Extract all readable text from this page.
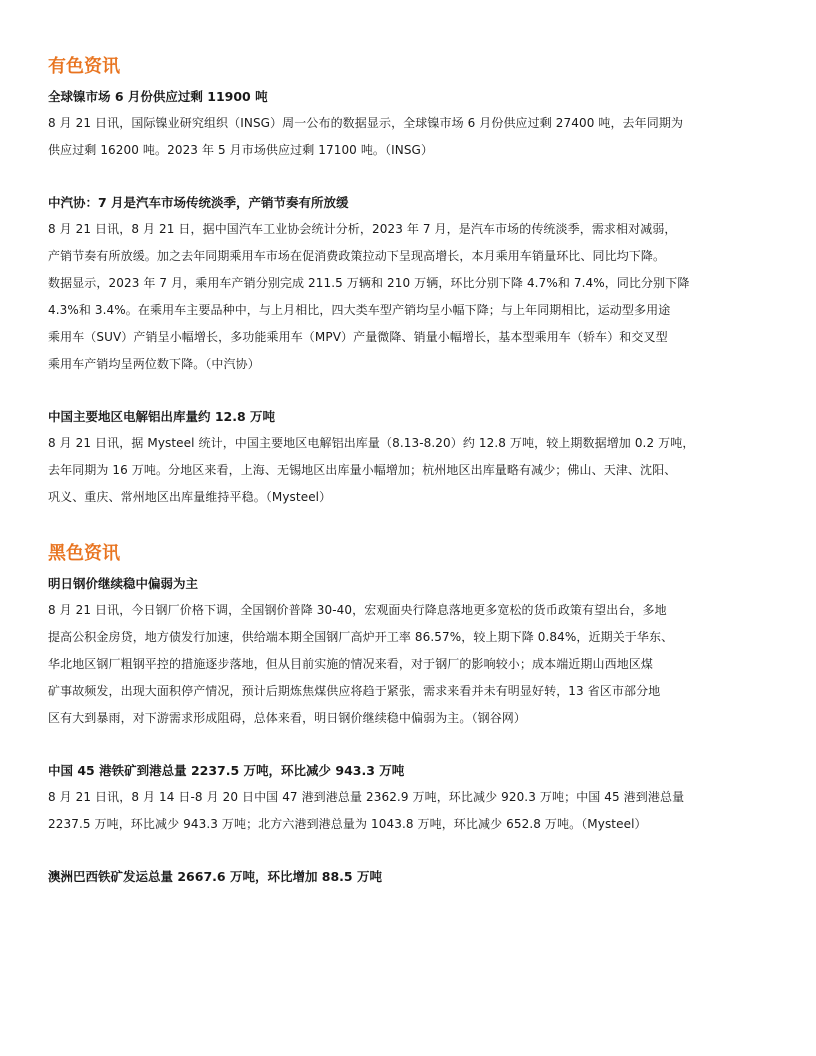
有色资讯

全球镍市场 6 月份供应过剩 11900 吨

8 月 21 日讯，国际镍业研究组织（INSG）周一公布的数据显示，全球镍市场 6 月份供应过剩 27400 吨，去年同期为
供应过剩 16200 吨。2023 年 5 月市场供应过剩 17100 吨。（INSG）

中汽协：7 月是汽车市场传统淡季，产销节奏有所放缓

8 月 21 日讯，8 月 21 日，据中国汽车工业协会统计分析，2023 年 7 月，是汽车市场的传统淡季，需求相对减弱，
产销节奏有所放缓。加之去年同期乘用车市场在促消费政策拉动下呈现高增长，本月乘用车销量环比、同比均下降。
数据显示，2023 年 7 月，乘用车产销分别完成 211.5 万辆和 210 万辆，环比分别下降 4.7%和 7.4%，同比分别下降
4.3%和 3.4%。在乘用车主要品种中，与上月相比，四大类车型产销均呈小幅下降；与上年同期相比，运动型多用途
乘用车（SUV）产销呈小幅增长，多功能乘用车（MPV）产量微降、销量小幅增长，基本型乘用车（轿车）和交叉型
乘用车产销均呈两位数下降。（中汽协）

中国主要地区电解铝出库量约 12.8 万吨

8 月 21 日讯，据 Mysteel 统计，中国主要地区电解铝出库量（8.13-8.20）约 12.8 万吨，较上期数据增加 0.2 万吨，
去年同期为 16 万吨。分地区来看，上海、无锡地区出库量小幅增加；杭州地区出库量略有减少；佛山、天津、沈阳、
巩义、重庆、常州地区出库量维持平稳。（Mysteel）

黑色资讯

明日钢价继续稳中偏弱为主

8 月 21 日讯，今日钢厂价格下调，全国钢价普降 30-40，宏观面央行降息落地更多宽松的货币政策有望出台，多地
提高公积金房贷，地方债发行加速，供给端本期全国钢厂高炉开工率 86.57%，较上期下降 0.84%，近期关于华东、
华北地区钢厂粗钢平控的措施逐步落地，但从目前实施的情况来看，对于钢厂的影响较小；成本端近期山西地区煤
矿事故频发，出现大面积停产情况，预计后期炼焦煤供应将趋于紧张，需求来看并未有明显好转，13 省区市部分地
区有大到暴雨，对下游需求形成阻碍，总体来看，明日钢价继续稳中偏弱为主。（钢谷网）

中国 45 港铁矿到港总量 2237.5 万吨，环比减少 943.3 万吨

8 月 21 日讯，8 月 14 日-8 月 20 日中国 47 港到港总量 2362.9 万吨，环比减少 920.3 万吨；中国 45 港到港总量
2237.5 万吨，环比减少 943.3 万吨；北方六港到港总量为 1043.8 万吨，环比减少 652.8 万吨。（Mysteel）

澳洲巴西铁矿发运总量 2667.6 万吨，环比增加 88.5 万吨
